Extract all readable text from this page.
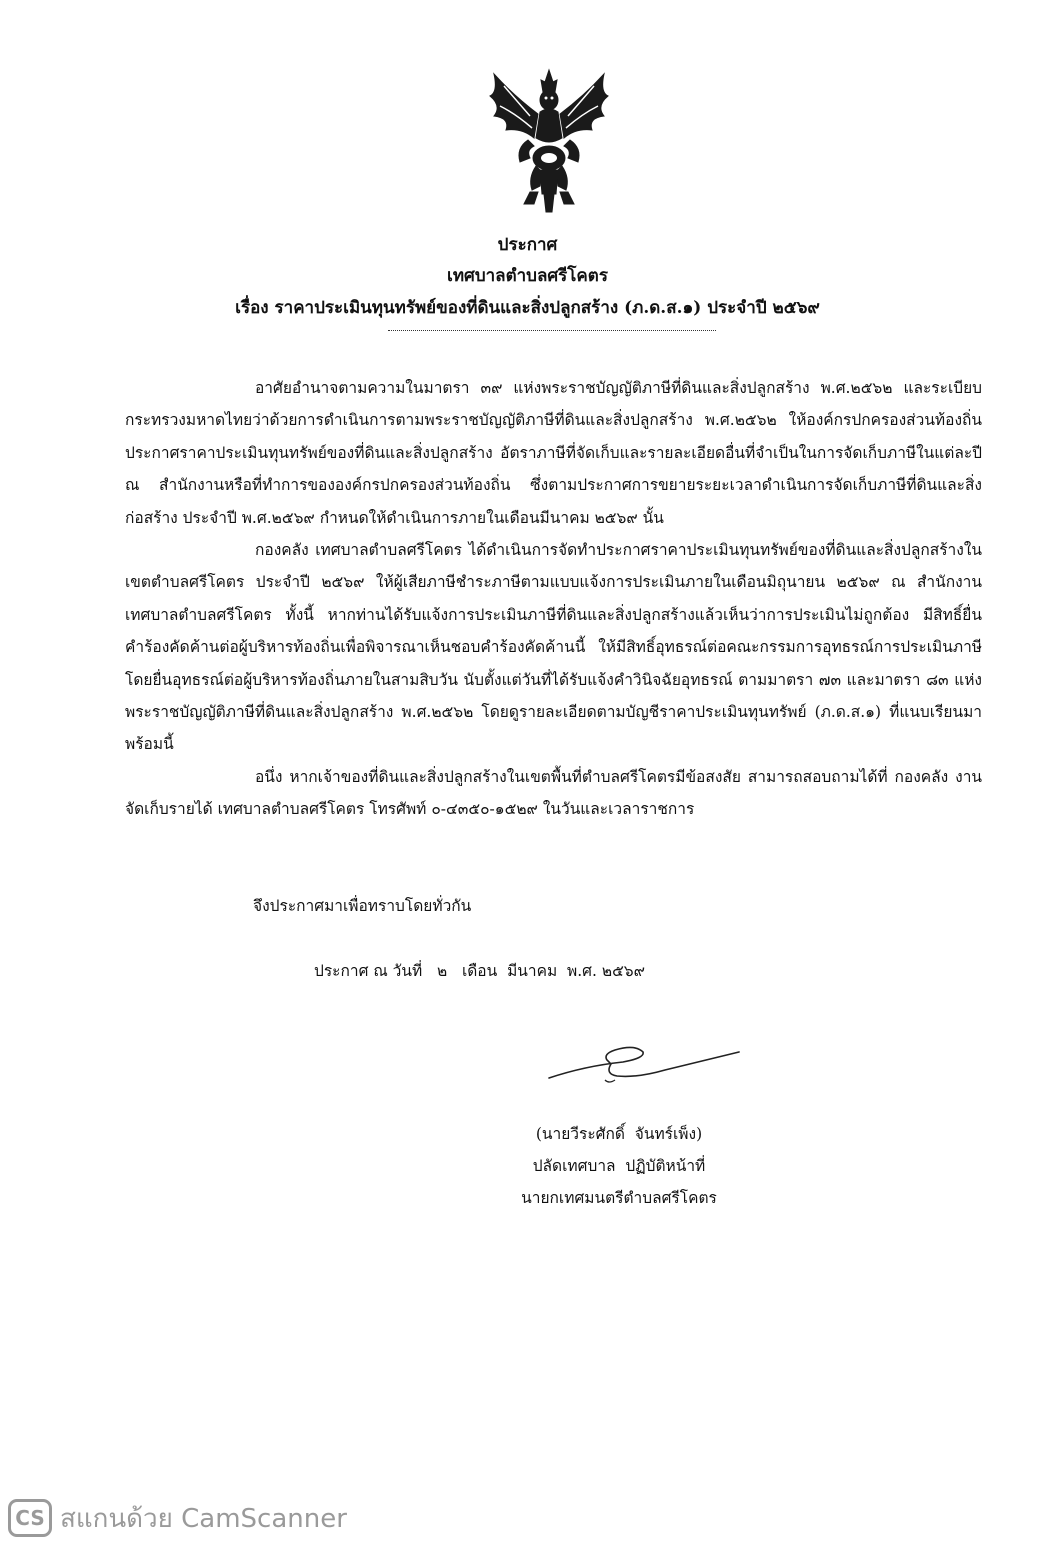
ประกาศ
เทศบาลตำบลศรีโคตร
เรื่อง ราคาประเมินทุนทรัพย์ของที่ดินและสิ่งปลูกสร้าง (ภ.ด.ส.๑) ประจำปี ๒๕๖๙

อาศัยอำนาจตามความในมาตรา ๓๙ แห่งพระราชบัญญัติภาษีที่ดินและสิ่งปลูกสร้าง พ.ศ.๒๕๖๒ และระเบียบกระทรวงมหาดไทยว่าด้วยการดำเนินการตามพระราชบัญญัติภาษีที่ดินและสิ่งปลูกสร้าง พ.ศ.๒๕๖๒ ให้องค์กรปกครองส่วนท้องถิ่นประกาศราคาประเมินทุนทรัพย์ของที่ดินและสิ่งปลูกสร้าง อัตราภาษีที่จัดเก็บและรายละเอียดอื่นที่จำเป็นในการจัดเก็บภาษีในแต่ละปี ณ สำนักงานหรือที่ทำการขององค์กรปกครองส่วนท้องถิ่น ซึ่งตามประกาศการขยายระยะเวลาดำเนินการจัดเก็บภาษีที่ดินและสิ่งก่อสร้าง ประจำปี พ.ศ.๒๕๖๙ กำหนดให้ดำเนินการภายในเดือนมีนาคม ๒๕๖๙ นั้น

กองคลัง เทศบาลตำบลศรีโคตร ได้ดำเนินการจัดทำประกาศราคาประเมินทุนทรัพย์ของที่ดินและสิ่งปลูกสร้างในเขตตำบลศรีโคตร ประจำปี ๒๕๖๙ ให้ผู้เสียภาษีชำระภาษีตามแบบแจ้งการประเมินภายในเดือนมิถุนายน ๒๕๖๙ ณ สำนักงานเทศบาลตำบลศรีโคตร ทั้งนี้ หากท่านได้รับแจ้งการประเมินภาษีที่ดินและสิ่งปลูกสร้างแล้วเห็นว่าการประเมินไม่ถูกต้อง มีสิทธิ์ยื่นคำร้องคัดค้านต่อผู้บริหารท้องถิ่นเพื่อพิจารณาเห็นชอบคำร้องคัดค้านนี้ ให้มีสิทธิ์อุทธรณ์ต่อคณะกรรมการอุทธรณ์การประเมินภาษี โดยยื่นอุทธรณ์ต่อผู้บริหารท้องถิ่นภายในสามสิบวัน นับตั้งแต่วันที่ได้รับแจ้งคำวินิจฉัยอุทธรณ์ ตามมาตรา ๗๓ และมาตรา ๘๓ แห่งพระราชบัญญัติภาษีที่ดินและสิ่งปลูกสร้าง พ.ศ.๒๕๖๒ โดยดูรายละเอียดตามบัญชีราคาประเมินทุนทรัพย์ (ภ.ด.ส.๑) ที่แนบเรียนมาพร้อมนี้

อนึ่ง หากเจ้าของที่ดินและสิ่งปลูกสร้างในเขตพื้นที่ตำบลศรีโคตรมีข้อสงสัย สามารถสอบถามได้ที่ กองคลัง งานจัดเก็บรายได้ เทศบาลตำบลศรีโคตร โทรศัพท์ ๐-๔๓๕๐-๑๕๒๙ ในวันและเวลาราชการ

จึงประกาศมาเพื่อทราบโดยทั่วกัน
ประกาศ ณ วันที่   ๒   เดือน  มีนาคม  พ.ศ. ๒๕๖๙
(นายวีระศักดิ์  จันทร์เพ็ง)
ปลัดเทศบาล  ปฏิบัติหน้าที่
นายกเทศมนตรีตำบลศรีโคตร
CS สแกนด้วย CamScanner
